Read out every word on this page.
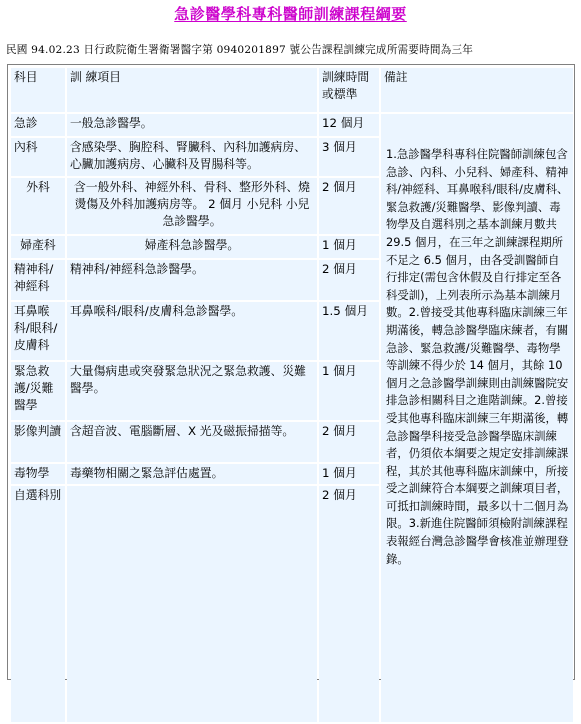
急診醫學科專科醫師訓練課程綱要
民國 94.02.23 日行政院衛生署衛署醫字第 0940201897 號公告課程訓練完成所需要時間為三年
科目	訓 練項目	訓練時間或標準	備註
急診	一般急診醫學。	12 個月	1.急診醫學科專科住院醫師訓練包含急診、內科、小兒科、婦產科、精神科/神經科、耳鼻喉科/眼科/皮膚科、緊急救護/災難醫學、影像判讀、毒物學及自選科別之基本訓練月數共 29.5 個月，在三年之訓練課程期所不足之 6.5 個月，由各受訓醫師自行排定(需包含休假及自行排定至各科受訓)，上列表所示為基本訓練月數。2.曾接受其他專科臨床訓練三年期滿後，轉急診醫學臨床練者，有關急診、緊急救護/災難醫學、毒物學等訓練不得少於 14 個月，其餘 10 個月之急診醫學訓練則由訓練醫院安排急診相關科目之進階訓練。2.曾接受其他專科臨床訓練三年期滿後，轉急診醫學科接受急診醫學臨床訓練者，仍須依本綱要之規定安排訓練課程，其於其他專科臨床訓練中，所接受之訓練符合本綱要之訓練項目者，可抵扣訓練時間，最多以十二個月為限。3.新進住院醫師須檢附訓練課程表報經台灣急診醫學會核准並辦理登錄。
內科	含感染學、胸腔科、腎臟科、內科加護病房、心臟加護病房、心臟科及胃腸科等。	3 個月	
外科	含一般外科、神經外科、骨科、整形外科、燒燙傷及外科加護病房等。 2 個月 小兒科 小兒急診醫學。	2 個月	
婦產科	婦產科急診醫學。	1 個月	
精神科/神經科	精神科/神經科急診醫學。	2 個月	
耳鼻喉科/眼科/皮膚科	耳鼻喉科/眼科/皮膚科急診醫學。	1.5 個月	
緊急救護/災難醫學	大量傷病患或突發緊急狀況之緊急救護、災難醫學。	1 個月	
影像判讀	含超音波、電腦斷層、X 光及磁振掃描等。	2 個月	
毒物學	毒藥物相關之緊急評估處置。	1 個月	
自選科別		2 個月	
